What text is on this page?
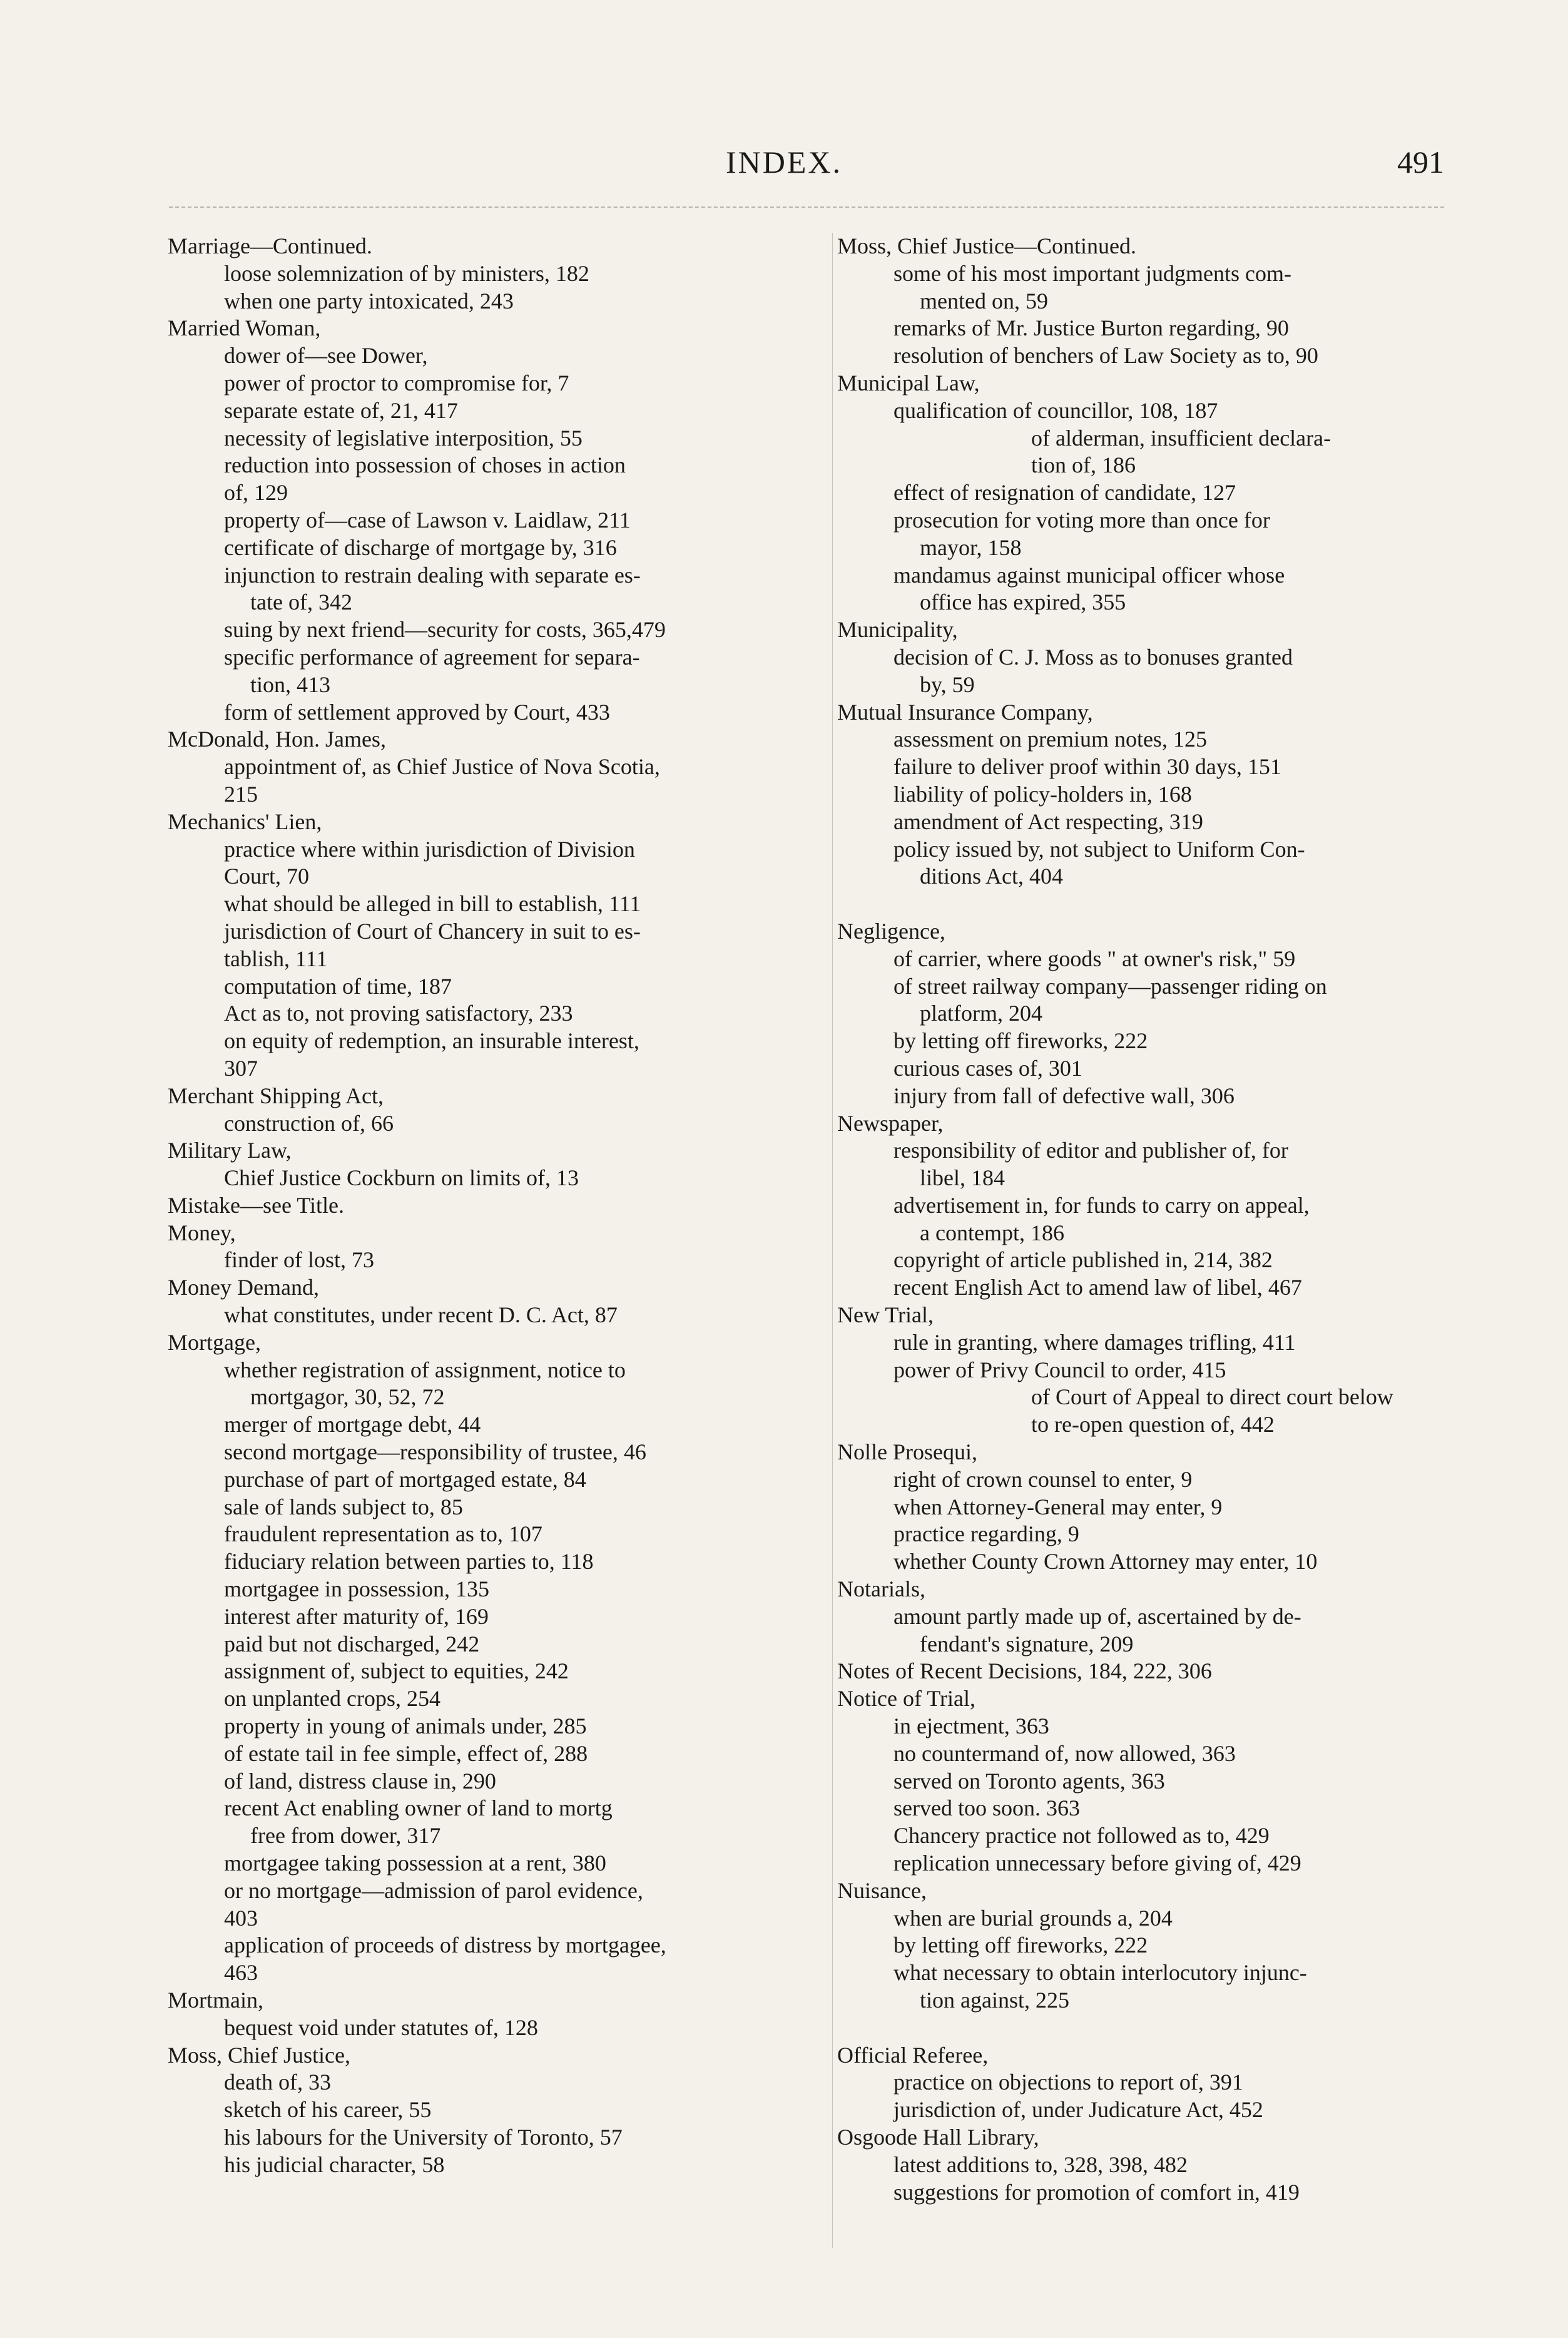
INDEX.	491
Marriage—Continued.
loose solemnization of by ministers, 182
when one party intoxicated, 243
Married Woman,
dower of—see Dower,
power of proctor to compromise for, 7
separate estate of, 21, 417
necessity of legislative interposition, 55
reduction into possession of choses in action
of, 129
property of—case of Lawson v. Laidlaw, 211
certificate of discharge of mortgage by, 316
injunction to restrain dealing with separate es-
tate of, 342
suing by next friend—security for costs, 365,479
specific performance of agreement for separa-
tion, 413
form of settlement approved by Court, 433
McDonald, Hon. James,
appointment of, as Chief Justice of Nova Scotia,
215
Mechanics' Lien,
practice where within jurisdiction of Division
Court, 70
what should be alleged in bill to establish, 111
jurisdiction of Court of Chancery in suit to es-
tablish, 111
computation of time, 187
Act as to, not proving satisfactory, 233
on equity of redemption, an insurable interest,
307
Merchant Shipping Act,
construction of, 66
Military Law,
Chief Justice Cockburn on limits of, 13
Mistake—see Title.
Money,
finder of lost, 73
Money Demand,
what constitutes, under recent D. C. Act, 87
Mortgage,
whether registration of assignment, notice to
mortgagor, 30, 52, 72
merger of mortgage debt, 44
second mortgage—responsibility of trustee, 46
purchase of part of mortgaged estate, 84
sale of lands subject to, 85
fraudulent representation as to, 107
fiduciary relation between parties to, 118
mortgagee in possession, 135
interest after maturity of, 169
paid but not discharged, 242
assignment of, subject to equities, 242
on unplanted crops, 254
property in young of animals under, 285
of estate tail in fee simple, effect of, 288
of land, distress clause in, 290
recent Act enabling owner of land to mortg
free from dower, 317
mortgagee taking possession at a rent, 380
or no mortgage—admission of parol evidence,
403
application of proceeds of distress by mortgagee,
463
Mortmain,
bequest void under statutes of, 128
Moss, Chief Justice,
death of, 33
sketch of his career, 55
his labours for the University of Toronto, 57
his judicial character, 58
Moss, Chief Justice—Continued.
some of his most important judgments com-
mented on, 59
remarks of Mr. Justice Burton regarding, 90
resolution of benchers of Law Society as to, 90
Municipal Law,
qualification of councillor, 108, 187
of alderman, insufficient declara-
tion of, 186
effect of resignation of candidate, 127
prosecution for voting more than once for
mayor, 158
mandamus against municipal officer whose
office has expired, 355
Municipality,
decision of C. J. Moss as to bonuses granted
by, 59
Mutual Insurance Company,
assessment on premium notes, 125
failure to deliver proof within 30 days, 151
liability of policy-holders in, 168
amendment of Act respecting, 319
policy issued by, not subject to Uniform Con-
ditions Act, 404
Negligence,
of carrier, where goods " at owner's risk," 59
of street railway company—passenger riding on
platform, 204
by letting off fireworks, 222
curious cases of, 301
injury from fall of defective wall, 306
Newspaper,
responsibility of editor and publisher of, for
libel, 184
advertisement in, for funds to carry on appeal,
a contempt, 186
copyright of article published in, 214, 382
recent English Act to amend law of libel, 467
New Trial,
rule in granting, where damages trifling, 411
power of Privy Council to order, 415
of Court of Appeal to direct court below
to re-open question of, 442
Nolle Prosequi,
right of crown counsel to enter, 9
when Attorney-General may enter, 9
practice regarding, 9
whether County Crown Attorney may enter, 10
Notarials,
amount partly made up of, ascertained by de-
fendant's signature, 209
Notes of Recent Decisions, 184, 222, 306
Notice of Trial,
in ejectment, 363
no countermand of, now allowed, 363
served on Toronto agents, 363
served too soon. 363
Chancery practice not followed as to, 429
replication unnecessary before giving of, 429
Nuisance,
when are burial grounds a, 204
by letting off fireworks, 222
what necessary to obtain interlocutory injunc-
tion against, 225
Official Referee,
practice on objections to report of, 391
jurisdiction of, under Judicature Act, 452
Osgoode Hall Library,
latest additions to, 328, 398, 482
suggestions for promotion of comfort in, 419
